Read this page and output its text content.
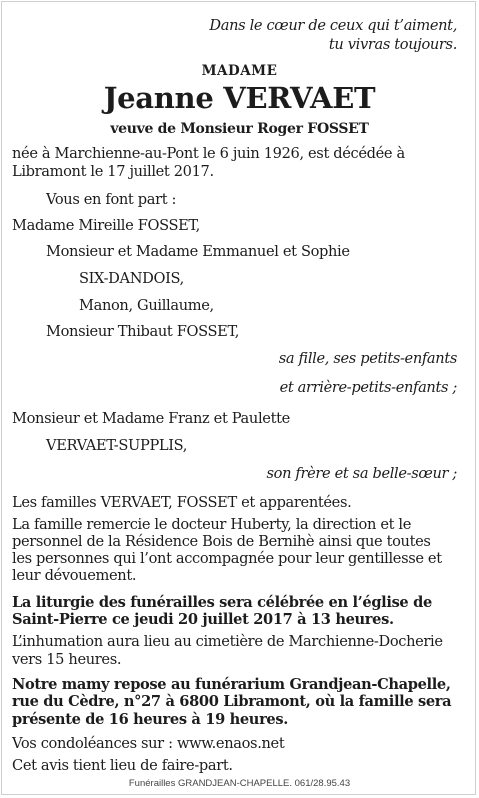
Dans le cœur de ceux qui t’aiment,
tu vivras toujours.
MADAME
Jeanne VERVAET
veuve de Monsieur Roger FOSSET
née à Marchienne-au-Pont le 6 juin 1926, est décédée à
Libramont le 17 juillet 2017.
Vous en font part :
Madame Mireille FOSSET,
Monsieur et Madame Emmanuel et Sophie
SIX-DANDOIS,
Manon, Guillaume,
Monsieur Thibaut FOSSET,
sa fille, ses petits-enfants
et arrière-petits-enfants ;
Monsieur et Madame Franz et Paulette
VERVAET-SUPPLIS,
son frère et sa belle-sœur ;
Les familles VERVAET, FOSSET et apparentées.
La famille remercie le docteur Huberty, la direction et le
personnel de la Résidence Bois de Bernihè ainsi que toutes
les personnes qui l’ont accompagnée pour leur gentillesse et
leur dévouement.
La liturgie des funérailles sera célébrée en l’église de
Saint-Pierre ce jeudi 20 juillet 2017 à 13 heures.
L’inhumation aura lieu au cimetière de Marchienne-Docherie
vers 15 heures.
Notre mamy repose au funérarium Grandjean-Chapelle,
rue du Cèdre, n°27 à 6800 Libramont, où la famille sera
présente de 16 heures à 19 heures.
Vos condoléances sur : www.enaos.net
Cet avis tient lieu de faire-part.
Funérailles GRANDJEAN-CHAPELLE. 061/28.95.43
